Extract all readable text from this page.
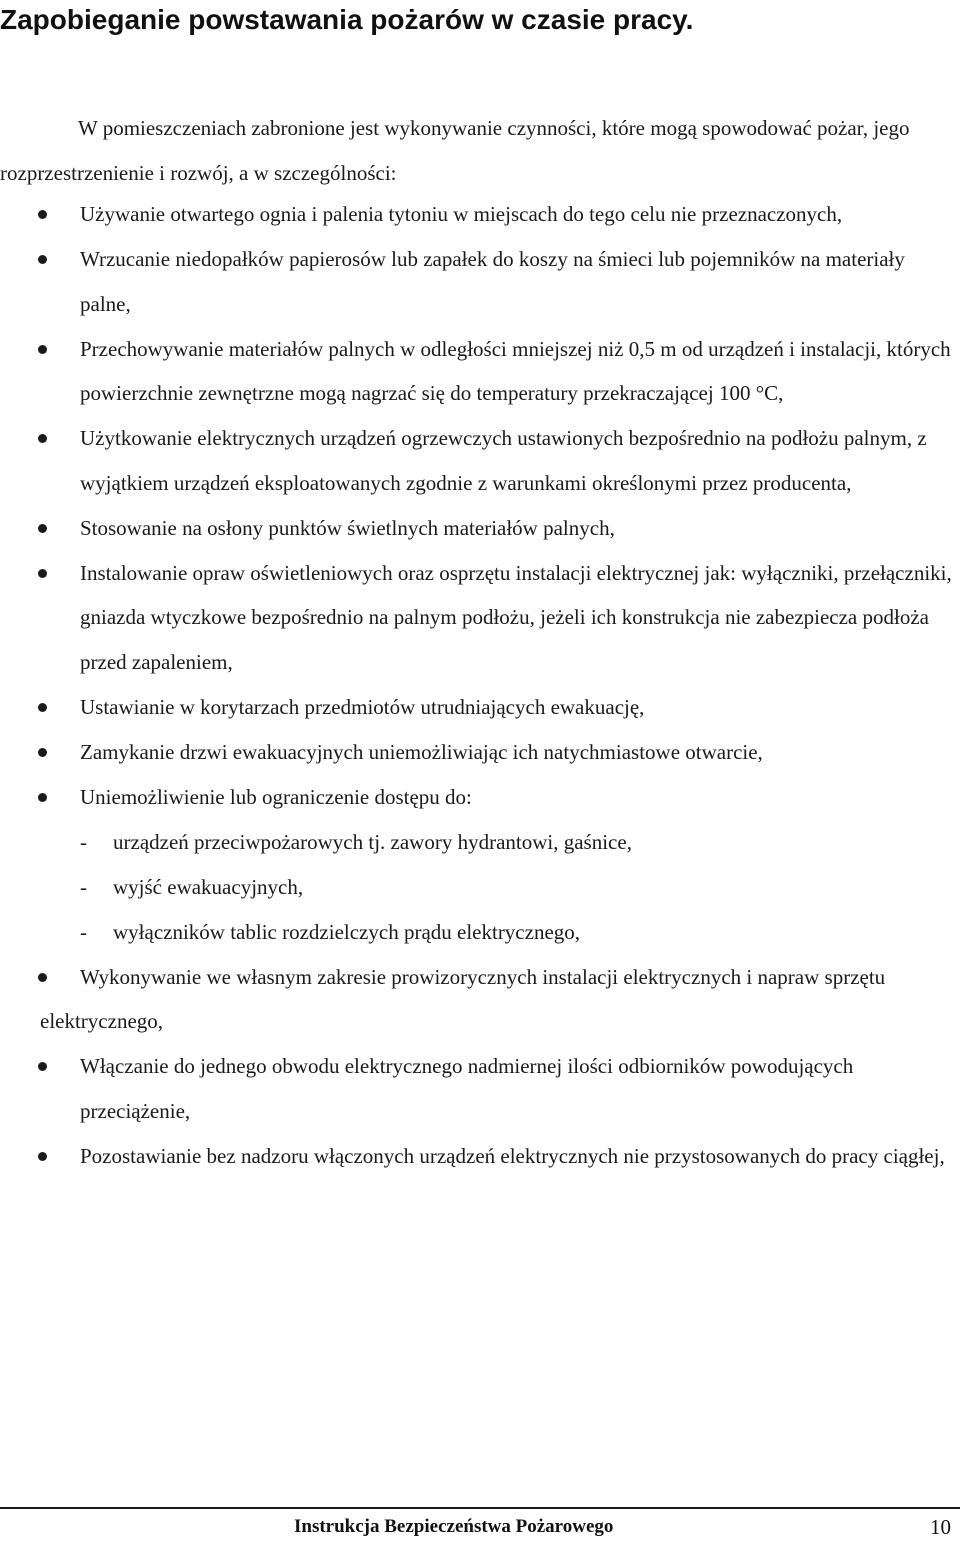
Zapobieganie powstawania pożarów w czasie pracy.

W pomieszczeniach zabronione jest wykonywanie czynności, które mogą spowodować pożar, jego rozprzestrzenienie i rozwój, a w szczególności:

Używanie otwartego ognia i palenia tytoniu w miejscach do tego celu nie przeznaczonych,
Wrzucanie niedopałków papierosów lub zapałek do koszy na śmieci lub pojemników na materiały palne,
Przechowywanie materiałów palnych w odległości mniejszej niż 0,5 m od urządzeń i instalacji, których powierzchnie zewnętrzne mogą nagrzać się do temperatury przekraczającej 100 °C,
Użytkowanie elektrycznych urządzeń ogrzewczych ustawionych bezpośrednio na podłożu palnym, z wyjątkiem urządzeń eksploatowanych zgodnie z warunkami określonymi przez producenta,
Stosowanie na osłony punktów świetlnych materiałów palnych,
Instalowanie opraw oświetleniowych oraz osprzętu instalacji elektrycznej jak: wyłączniki, przełączniki, gniazda wtyczkowe bezpośrednio na palnym podłożu, jeżeli ich konstrukcja nie zabezpiecza podłoża przed zapaleniem,
Ustawianie w korytarzach przedmiotów utrudniających ewakuację,
Zamykanie drzwi ewakuacyjnych uniemożliwiając ich natychmiastowe otwarcie,
Uniemożliwienie lub ograniczenie dostępu do:
- urządzeń przeciwpożarowych tj. zawory hydrantowi, gaśnice,
- wyjść ewakuacyjnych,
- wyłączników tablic rozdzielczych prądu elektrycznego,
Wykonywanie we własnym zakresie prowizorycznych instalacji elektrycznych i napraw sprzętu elektrycznego,
Włączanie do jednego obwodu elektrycznego nadmiernej ilości odbiorników powodujących przeciążenie,
Pozostawianie bez nadzoru włączonych urządzeń elektrycznych nie przystosowanych do pracy ciągłej,
Instrukcja Bezpieczeństwa Pożarowego	10
